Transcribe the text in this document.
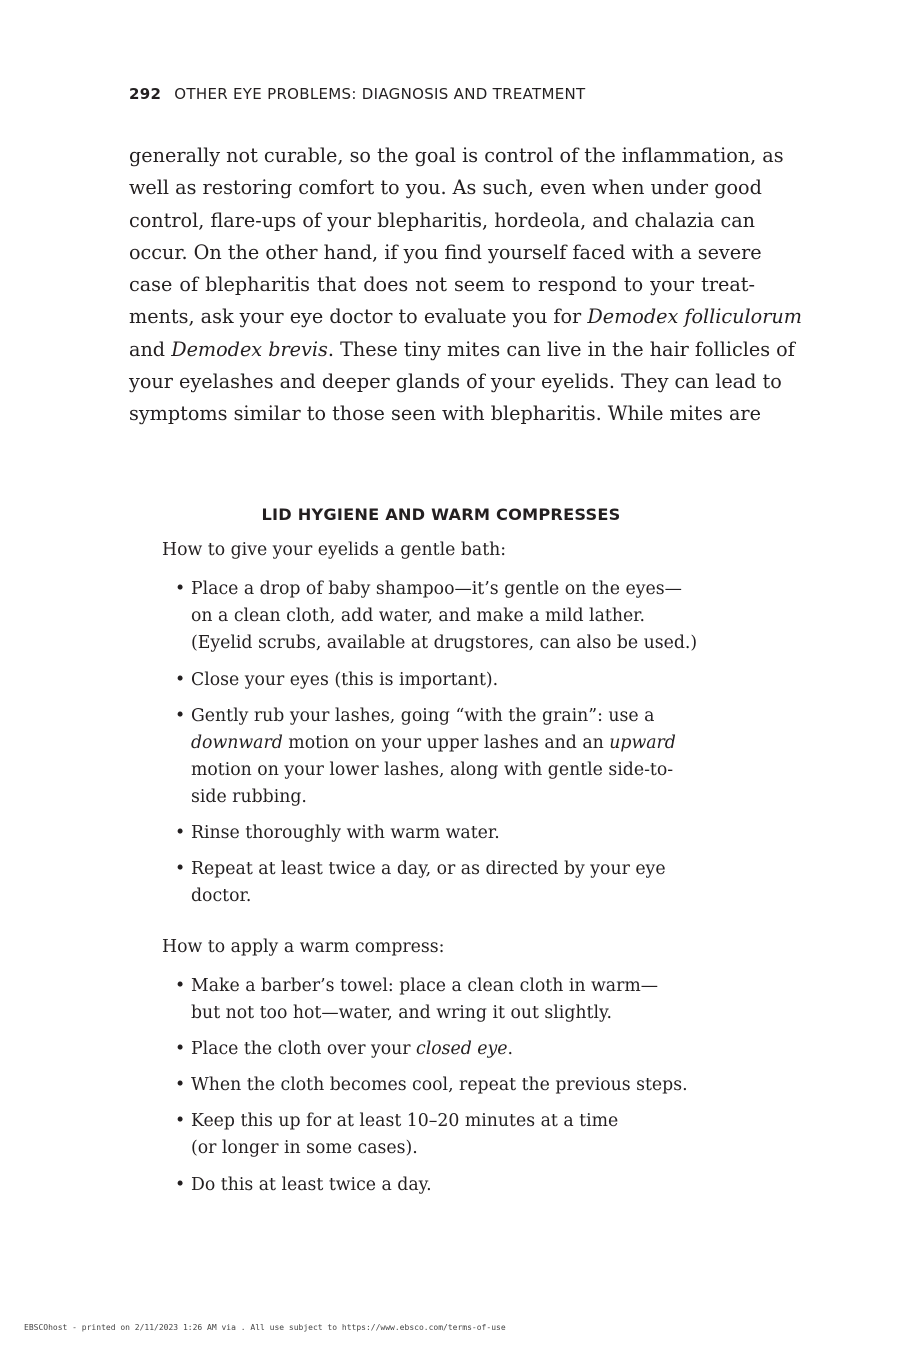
292 OTHER EYE PROBLEMS: DIAGNOSIS AND TREATMENT
generally not curable, so the goal is control of the inflammation, as
well as restoring comfort to you. As such, even when under good
control, flare-ups of your blepharitis, hordeola, and chalazia can
occur. On the other hand, if you find yourself faced with a severe
case of blepharitis that does not seem to respond to your treat-
ments, ask your eye doctor to evaluate you for Demodex folliculorum
and Demodex brevis. These tiny mites can live in the hair follicles of
your eyelashes and deeper glands of your eyelids. They can lead to
symptoms similar to those seen with blepharitis. While mites are
LID HYGIENE AND WARM COMPRESSES
How to give your eyelids a gentle bath:
• Place a drop of baby shampoo—it’s gentle on the eyes—
on a clean cloth, add water, and make a mild lather.
(Eyelid scrubs, available at drugstores, can also be used.)
• Close your eyes (this is important).
• Gently rub your lashes, going “with the grain”: use a
downward motion on your upper lashes and an upward
motion on your lower lashes, along with gentle side-to-
side rubbing.
• Rinse thoroughly with warm water.
• Repeat at least twice a day, or as directed by your eye
doctor.
How to apply a warm compress:
• Make a barber’s towel: place a clean cloth in warm—
but not too hot—water, and wring it out slightly.
• Place the cloth over your closed eye.
• When the cloth becomes cool, repeat the previous steps.
• Keep this up for at least 10–20 minutes at a time
(or longer in some cases).
• Do this at least twice a day.
EBSCOhost - printed on 2/11/2023 1:26 AM via . All use subject to https://www.ebsco.com/terms-of-use
